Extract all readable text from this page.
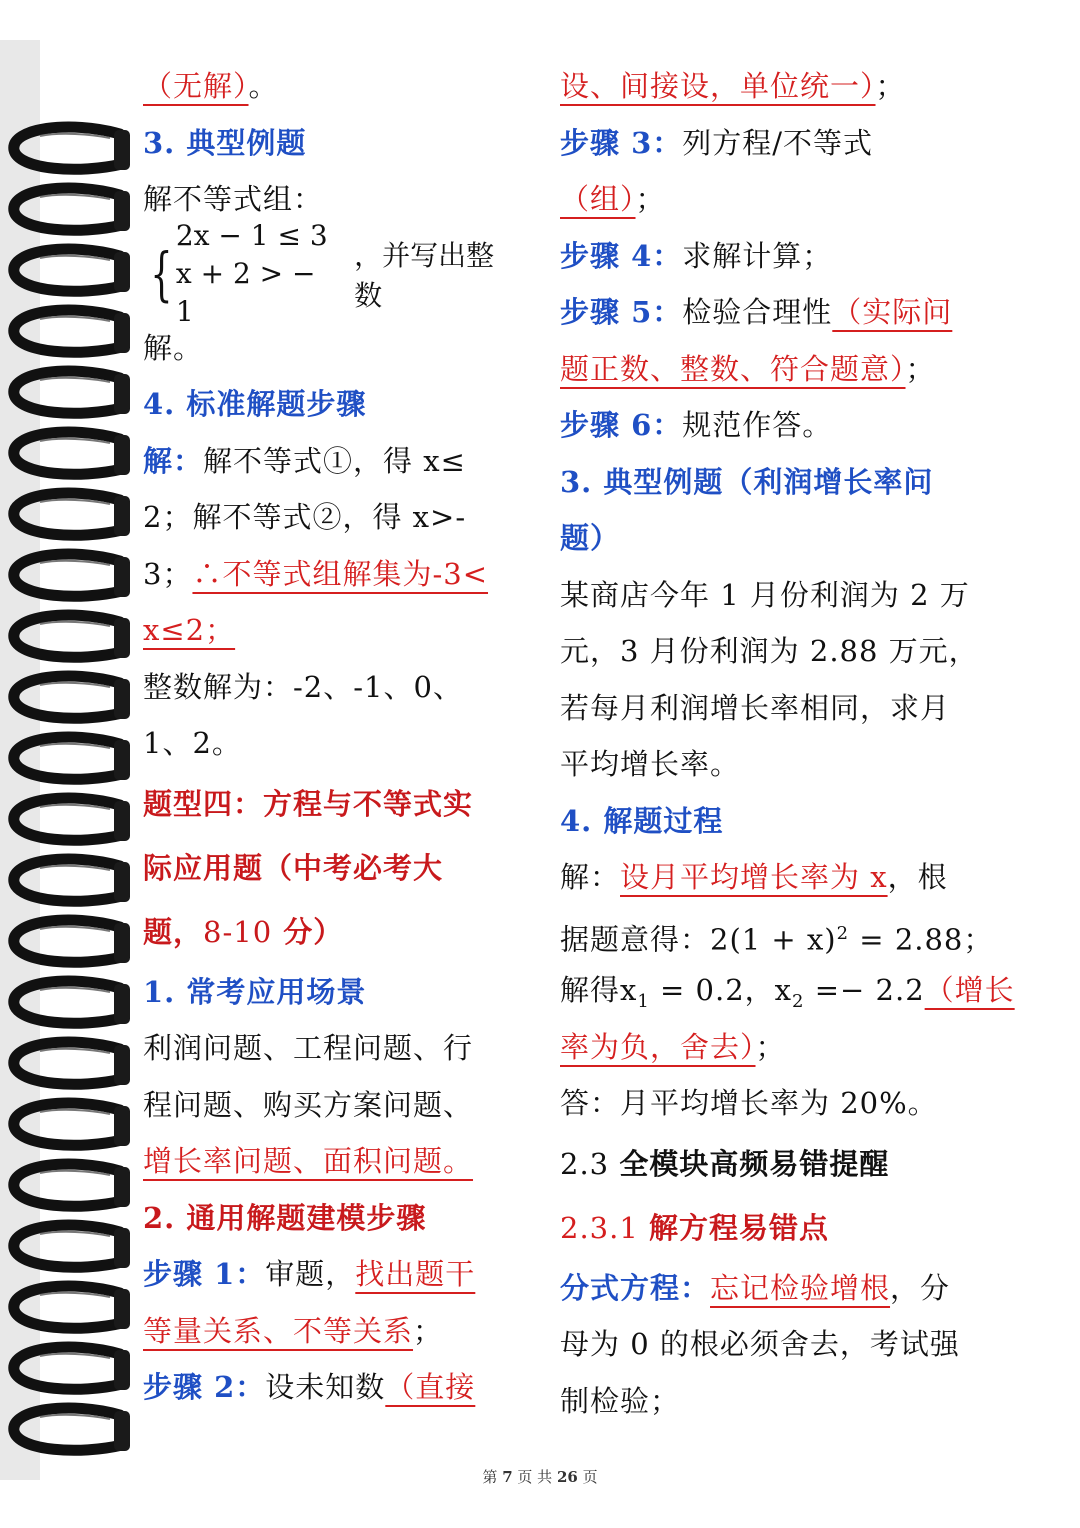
（无解）。
3. 典型例题
解不等式组：
{
2x − 1 ≤ 3
x + 2 > − 1
，并写出整数
解。
4. 标准解题步骤
解：解不等式①，得 x≤
2；解不等式②，得 x>-
3；∴不等式组解集为-3<
x≤2；
整数解为：-2、-1、0、
1、2。
题型四：方程与不等式实
际应用题（中考必考大
题，8-10 分）
1. 常考应用场景
利润问题、工程问题、行
程问题、购买方案问题、
增长率问题、面积问题。
2. 通用解题建模步骤
步骤 1：审题，找出题干
等量关系、不等关系；
步骤 2：设未知数（直接
设、间接设，单位统一）；
步骤 3：列方程/不等式
（组）；
步骤 4：求解计算；
步骤 5：检验合理性（实际问
题正数、整数、符合题意）；
步骤 6：规范作答。
3. 典型例题（利润增长率问
题）
某商店今年 1 月份利润为 2 万
元，3 月份利润为 2.88 万元，
若每月利润增长率相同，求月
平均增长率。
4. 解题过程
解：设月平均增长率为 x，根
据题意得：$2(1 + x)^2 = 2.88$；
解得$x_1 = 0.2$，$x_2 =- 2.2$（增长
率为负，舍去）；
答：月平均增长率为 20%。
2.3 全模块高频易错提醒
2.3.1 解方程易错点
分式方程：忘记检验增根，分
母为 0 的根必须舍去，考试强
制检验；
第 7 页 共 26 页
